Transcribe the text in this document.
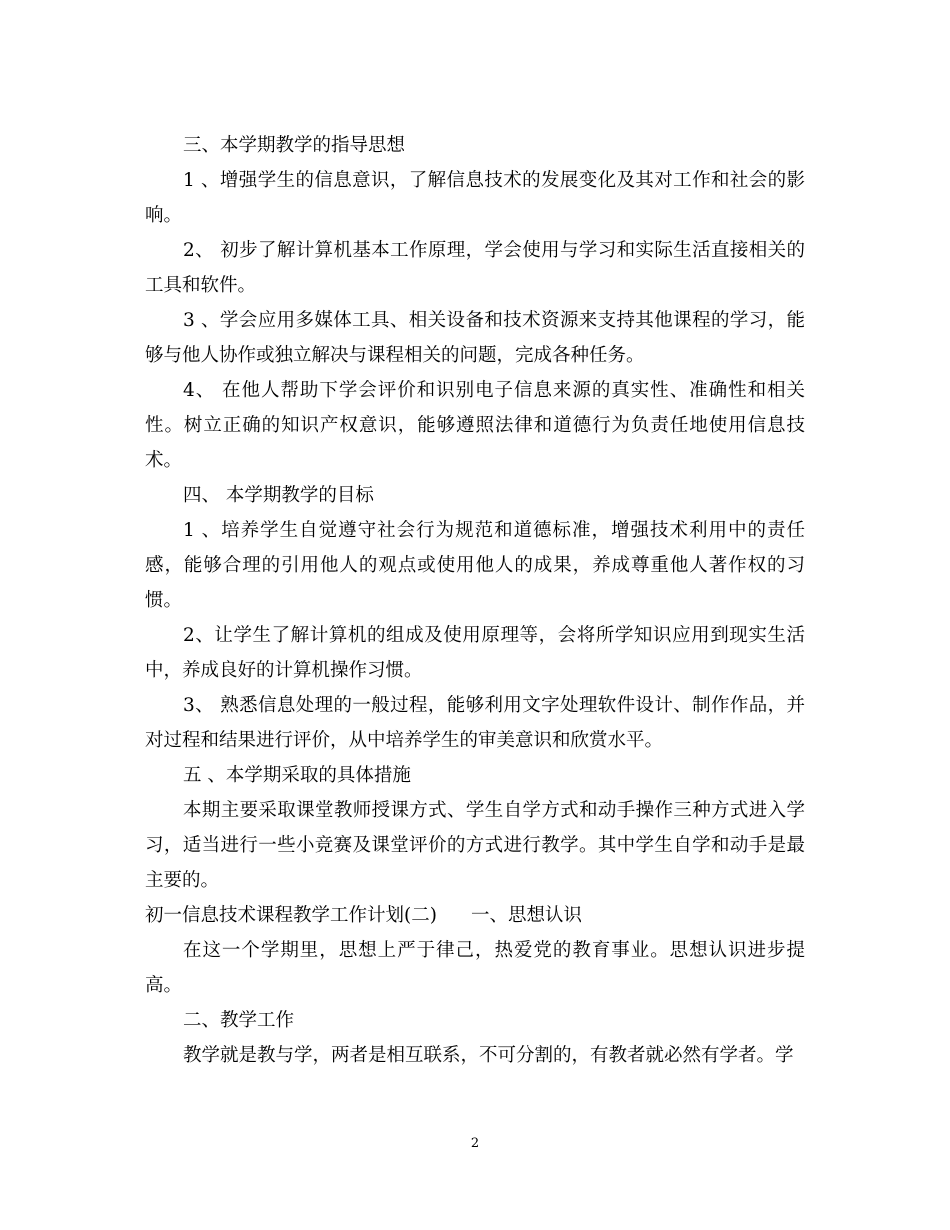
三、本学期教学的指导思想

1 、增强学生的信息意识，了解信息技术的发展变化及其对工作和社会的影响。

2、 初步了解计算机基本工作原理，学会使用与学习和实际生活直接相关的工具和软件。

3 、学会应用多媒体工具、相关设备和技术资源来支持其他课程的学习，能够与他人协作或独立解决与课程相关的问题，完成各种任务。

4、 在他人帮助下学会评价和识别电子信息来源的真实性、准确性和相关性。树立正确的知识产权意识，能够遵照法律和道德行为负责任地使用信息技术。

四、 本学期教学的目标

1 、培养学生自觉遵守社会行为规范和道德标准，增强技术利用中的责任感，能够合理的引用他人的观点或使用他人的成果，养成尊重他人著作权的习惯。

2、让学生了解计算机的组成及使用原理等，会将所学知识应用到现实生活中，养成良好的计算机操作习惯。

3、 熟悉信息处理的一般过程，能够利用文字处理软件设计、制作作品，并对过程和结果进行评价，从中培养学生的审美意识和欣赏水平。

五 、本学期采取的具体措施

本期主要采取课堂教师授课方式、学生自学方式和动手操作三种方式进入学习，适当进行一些小竞赛及课堂评价的方式进行教学。其中学生自学和动手是最主要的。

初一信息技术课程教学工作计划(二) 一、思想认识

在这一个学期里，思想上严于律己，热爱党的教育事业。思想认识进步提高。

二、教学工作

教学就是教与学，两者是相互联系，不可分割的，有教者就必然有学者。学

2
